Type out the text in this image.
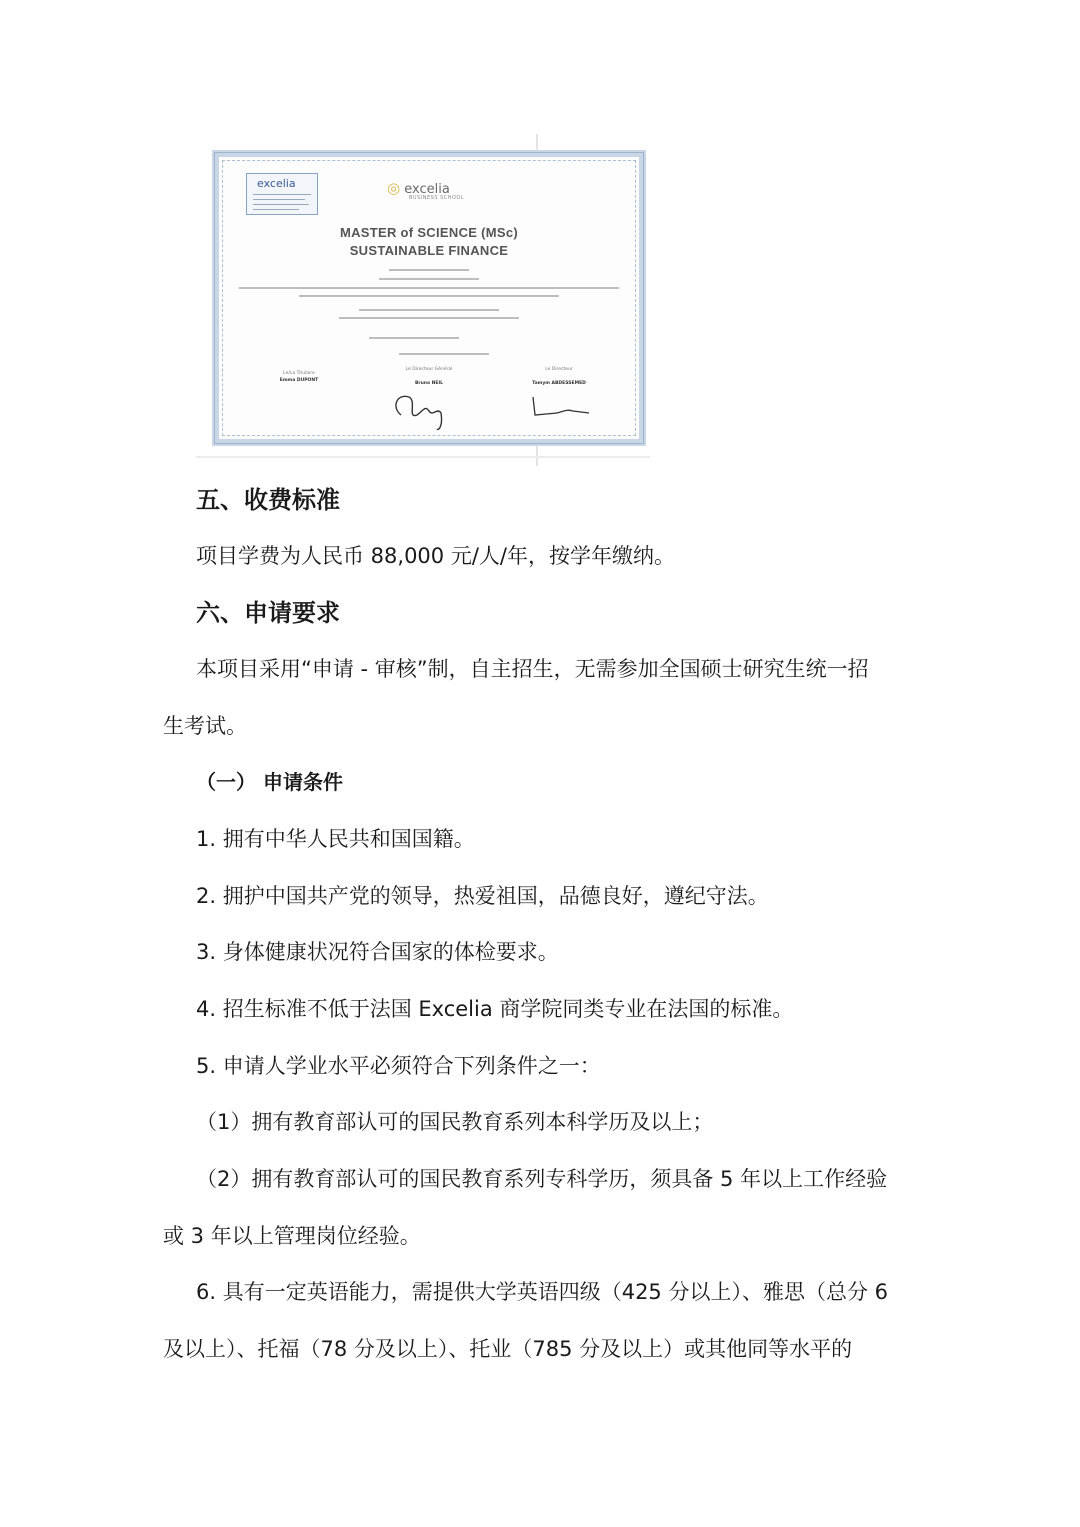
excelia	◎ excelia
BUSINESS SCHOOL
MASTER of SCIENCE (MSc)
SUSTAINABLE FINANCE
Le/La Titulaire
Emma DUPONT
Le Directeur Général
Bruno NEIL
Le Directeur
Tamym ABDESSEMED
五、收费标准
项目学费为人民币 88,000 元/人/年，按学年缴纳。
六、申请要求
本项目采用“申请 - 审核”制，自主招生，无需参加全国硕士研究生统一招
生考试。
（一） 申请条件
1. 拥有中华人民共和国国籍。
2. 拥护中国共产党的领导，热爱祖国，品德良好，遵纪守法。
3. 身体健康状况符合国家的体检要求。
4. 招生标准不低于法国 Excelia 商学院同类专业在法国的标准。
5. 申请人学业水平必须符合下列条件之一：
（1）拥有教育部认可的国民教育系列本科学历及以上；
（2）拥有教育部认可的国民教育系列专科学历，须具备 5 年以上工作经验
或 3 年以上管理岗位经验。
6. 具有一定英语能力，需提供大学英语四级（425 分以上）、雅思（总分 6
及以上）、托福（78 分及以上）、托业（785 分及以上）或其他同等水平的
